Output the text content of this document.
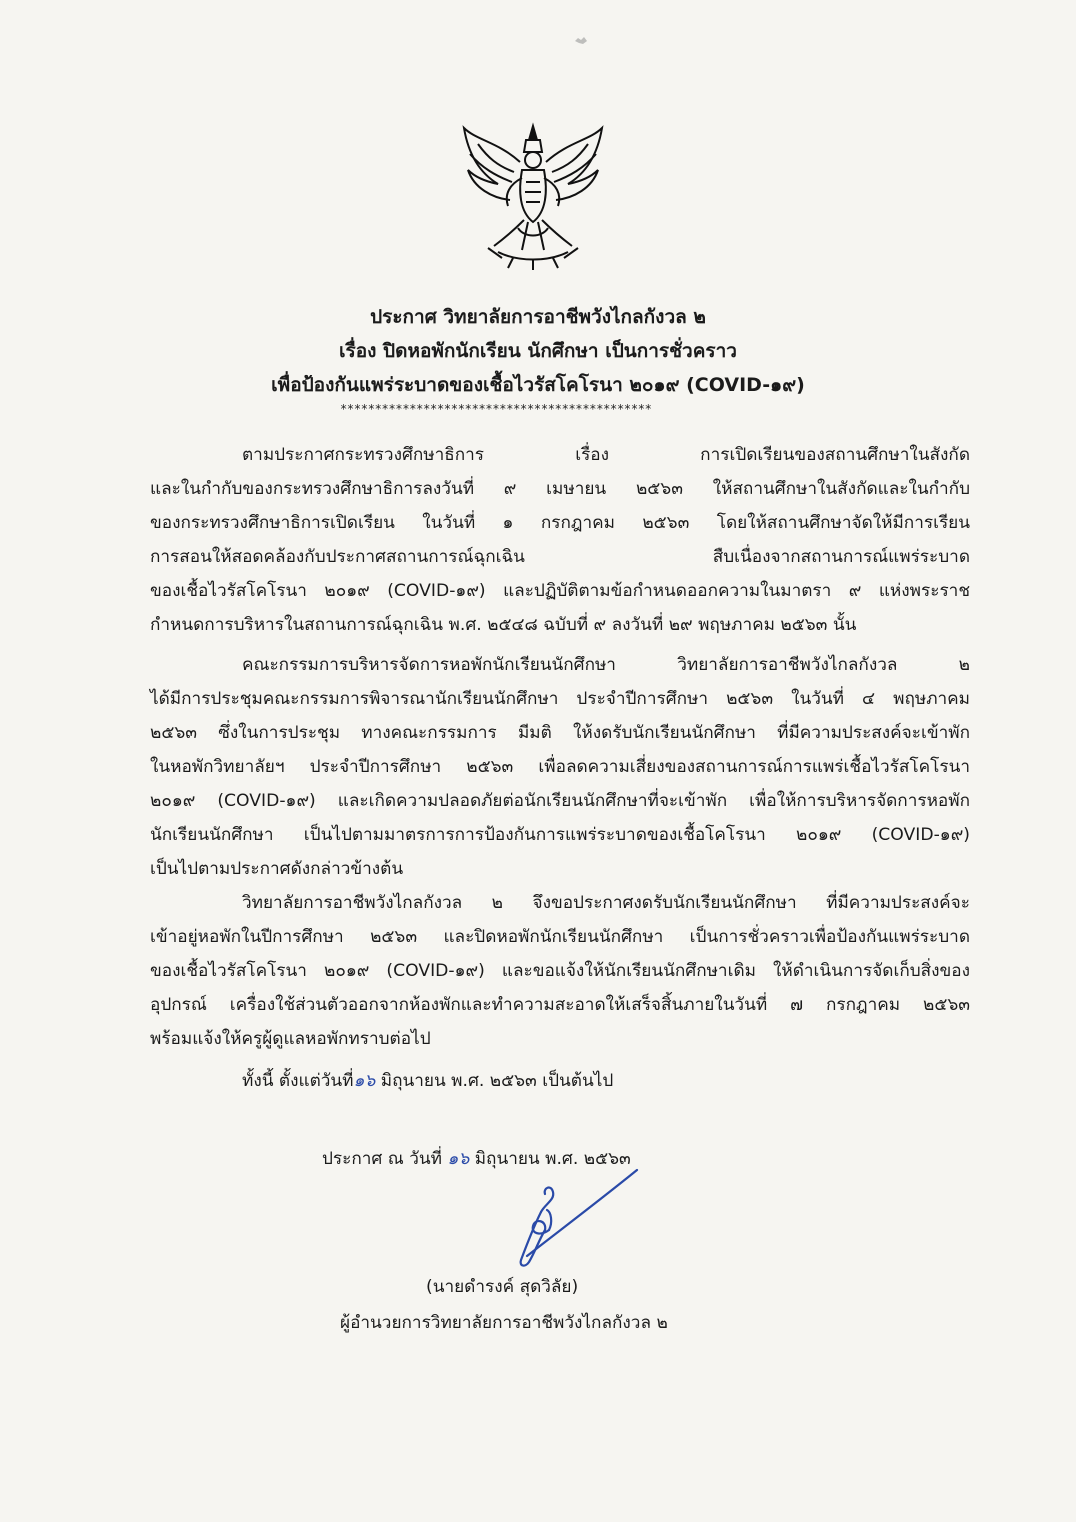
ประกาศ วิทยาลัยการอาชีพวังไกลกังวล ๒
เรื่อง ปิดหอพักนักเรียน นักศึกษา เป็นการชั่วคราว
เพื่อป้องกันแพร่ระบาดของเชื้อไวรัสโคโรนา ๒๐๑๙ (COVID-๑๙)
*********************************************
ตามประกาศกระทรวงศึกษาธิการ เรื่อง การเปิดเรียนของสถานศึกษาในสังกัด
และในกำกับของกระทรวงศึกษาธิการลงวันที่ ๙ เมษายน ๒๕๖๓ ให้สถานศึกษาในสังกัดและในกำกับ
ของกระทรวงศึกษาธิการเปิดเรียน ในวันที่ ๑ กรกฎาคม ๒๕๖๓ โดยให้สถานศึกษาจัดให้มีการเรียน
การสอนให้สอดคล้องกับประกาศสถานการณ์ฉุกเฉิน สืบเนื่องจากสถานการณ์แพร่ระบาด
ของเชื้อไวรัสโคโรนา ๒๐๑๙ (COVID-๑๙) และปฏิบัติตามข้อกำหนดออกความในมาตรา ๙ แห่งพระราช
กำหนดการบริหารในสถานการณ์ฉุกเฉิน พ.ศ. ๒๕๔๘ ฉบับที่ ๙ ลงวันที่ ๒๙ พฤษภาคม ๒๕๖๓ นั้น
คณะกรรมการบริหารจัดการหอพักนักเรียนนักศึกษา วิทยาลัยการอาชีพวังไกลกังวล ๒
ได้มีการประชุมคณะกรรมการพิจารณานักเรียนนักศึกษา ประจำปีการศึกษา ๒๕๖๓ ในวันที่ ๔ พฤษภาคม
๒๕๖๓ ซึ่งในการประชุม ทางคณะกรรมการ มีมติ ให้งดรับนักเรียนนักศึกษา ที่มีความประสงค์จะเข้าพัก
ในหอพักวิทยาลัยฯ ประจำปีการศึกษา ๒๕๖๓ เพื่อลดความเสี่ยงของสถานการณ์การแพร่เชื้อไวรัสโคโรนา
๒๐๑๙ (COVID-๑๙) และเกิดความปลอดภัยต่อนักเรียนนักศึกษาที่จะเข้าพัก เพื่อให้การบริหารจัดการหอพัก
นักเรียนนักศึกษา เป็นไปตามมาตรการการป้องกันการแพร่ระบาดของเชื้อโคโรนา ๒๐๑๙ (COVID-๑๙)
เป็นไปตามประกาศดังกล่าวข้างต้น
วิทยาลัยการอาชีพวังไกลกังวล ๒ จึงขอประกาศงดรับนักเรียนนักศึกษา ที่มีความประสงค์จะ
เข้าอยู่หอพักในปีการศึกษา ๒๕๖๓ และปิดหอพักนักเรียนนักศึกษา เป็นการชั่วคราวเพื่อป้องกันแพร่ระบาด
ของเชื้อไวรัสโคโรนา ๒๐๑๙ (COVID-๑๙) และขอแจ้งให้นักเรียนนักศึกษาเดิม ให้ดำเนินการจัดเก็บสิ่งของ
อุปกรณ์ เครื่องใช้ส่วนตัวออกจากห้องพักและทำความสะอาดให้เสร็จสิ้นภายในวันที่ ๗ กรกฎาคม ๒๕๖๓
พร้อมแจ้งให้ครูผู้ดูแลหอพักทราบต่อไป
ทั้งนี้ ตั้งแต่วันที่๑๖ มิถุนายน พ.ศ. ๒๕๖๓ เป็นต้นไป
ประกาศ ณ วันที่ ๑๖ มิถุนายน พ.ศ. ๒๕๖๓
(นายดำรงค์ สุดวิลัย)
ผู้อำนวยการวิทยาลัยการอาชีพวังไกลกังวล ๒
